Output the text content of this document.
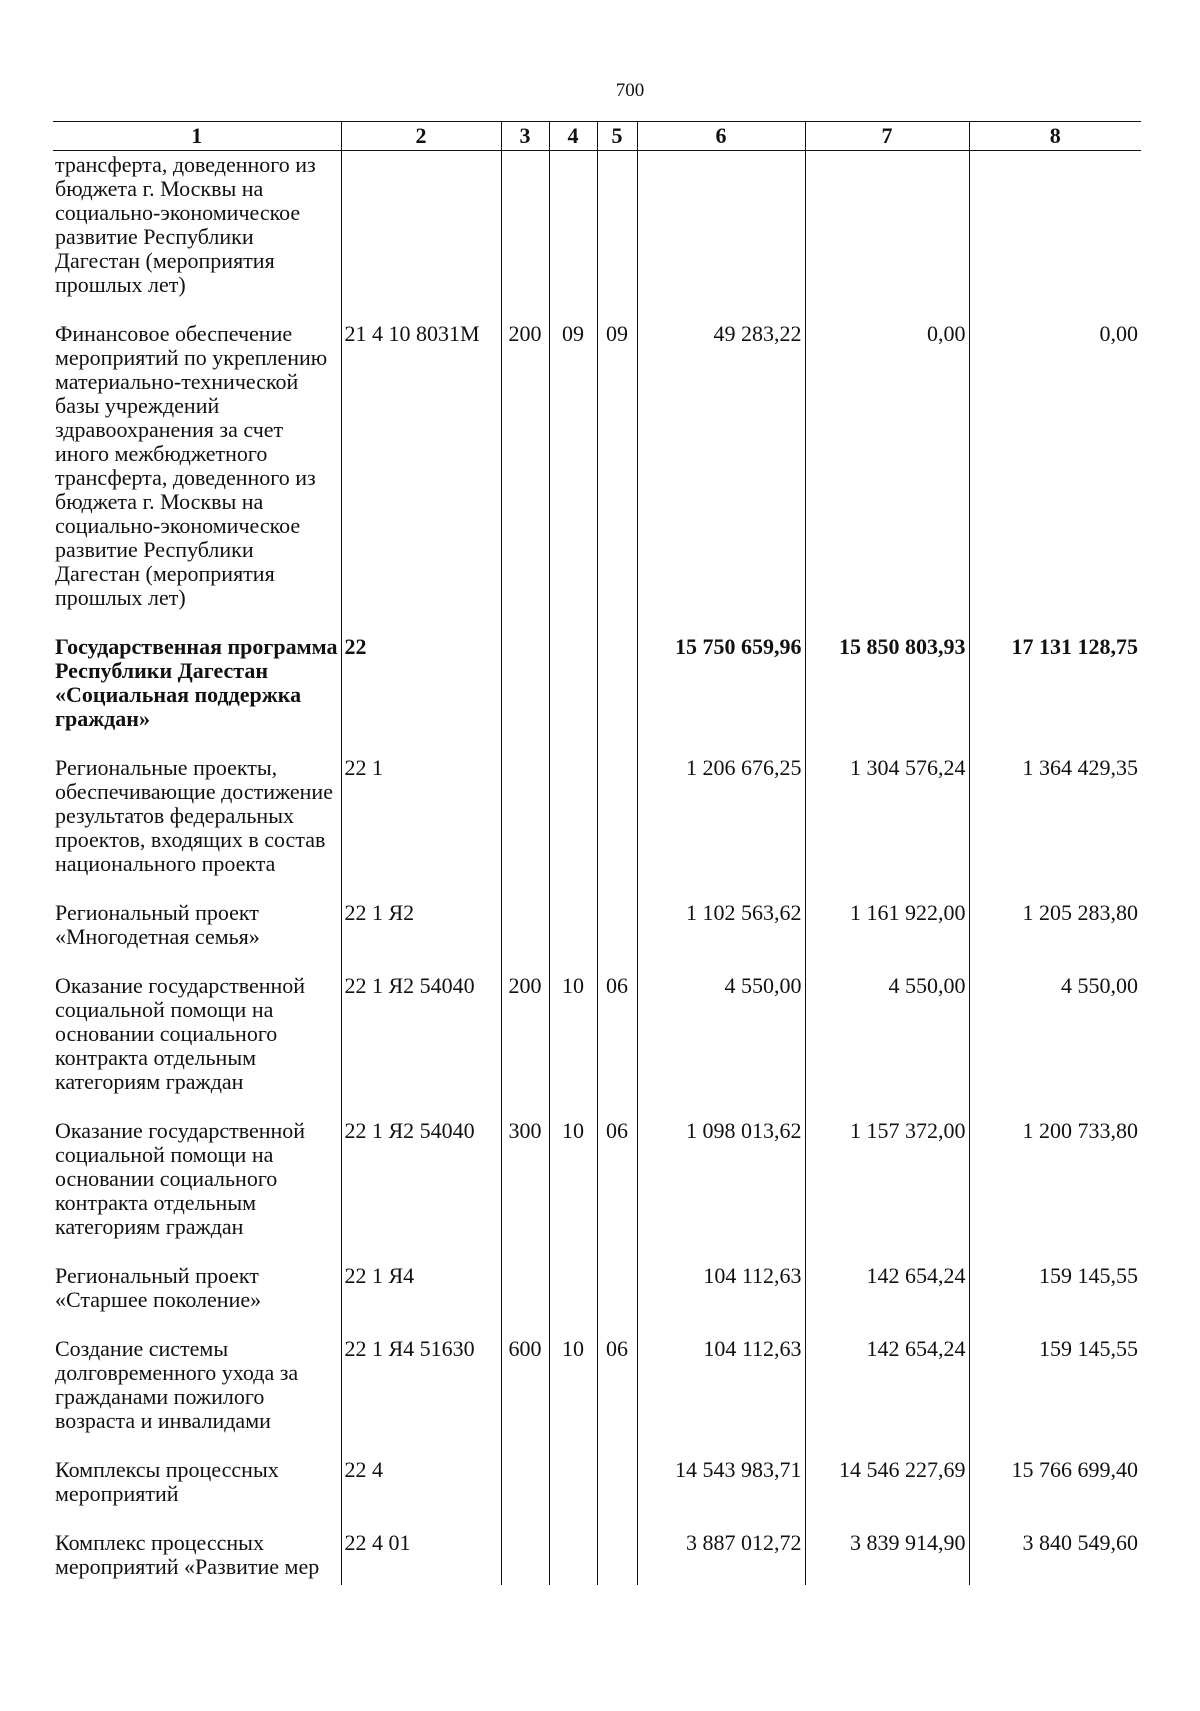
700
1	2	3	4	5	6	7	8
трансферта, доведенного из бюджета г. Москвы на социально-экономическое развитие Республики Дагестан (мероприятия прошлых лет)							
Финансовое обеспечение мероприятий по укреплению материально-технической базы учреждений здравоохранения за счет иного межбюджетного трансферта, доведенного из бюджета г. Москвы на социально-экономическое развитие Республики Дагестан (мероприятия прошлых лет)	21 4 10 8031М	200	09	09	49 283,22	0,00	0,00
Государственная программа Республики Дагестан «Социальная поддержка граждан»	22				15 750 659,96	15 850 803,93	17 131 128,75
Региональные проекты, обеспечивающие достижение результатов федеральных проектов, входящих в состав национального проекта	22 1				1 206 676,25	1 304 576,24	1 364 429,35
Региональный проект «Многодетная семья»	22 1 Я2				1 102 563,62	1 161 922,00	1 205 283,80
Оказание государственной социальной помощи на основании социального контракта отдельным категориям граждан	22 1 Я2 54040	200	10	06	4 550,00	4 550,00	4 550,00
Оказание государственной социальной помощи на основании социального контракта отдельным категориям граждан	22 1 Я2 54040	300	10	06	1 098 013,62	1 157 372,00	1 200 733,80
Региональный проект «Старшее поколение»	22 1 Я4				104 112,63	142 654,24	159 145,55
Создание системы долговременного ухода за гражданами пожилого возраста и инвалидами	22 1 Я4 51630	600	10	06	104 112,63	142 654,24	159 145,55
Комплексы процессных мероприятий	22 4				14 543 983,71	14 546 227,69	15 766 699,40
Комплекс процессных мероприятий «Развитие мер	22 4 01				3 887 012,72	3 839 914,90	3 840 549,60
